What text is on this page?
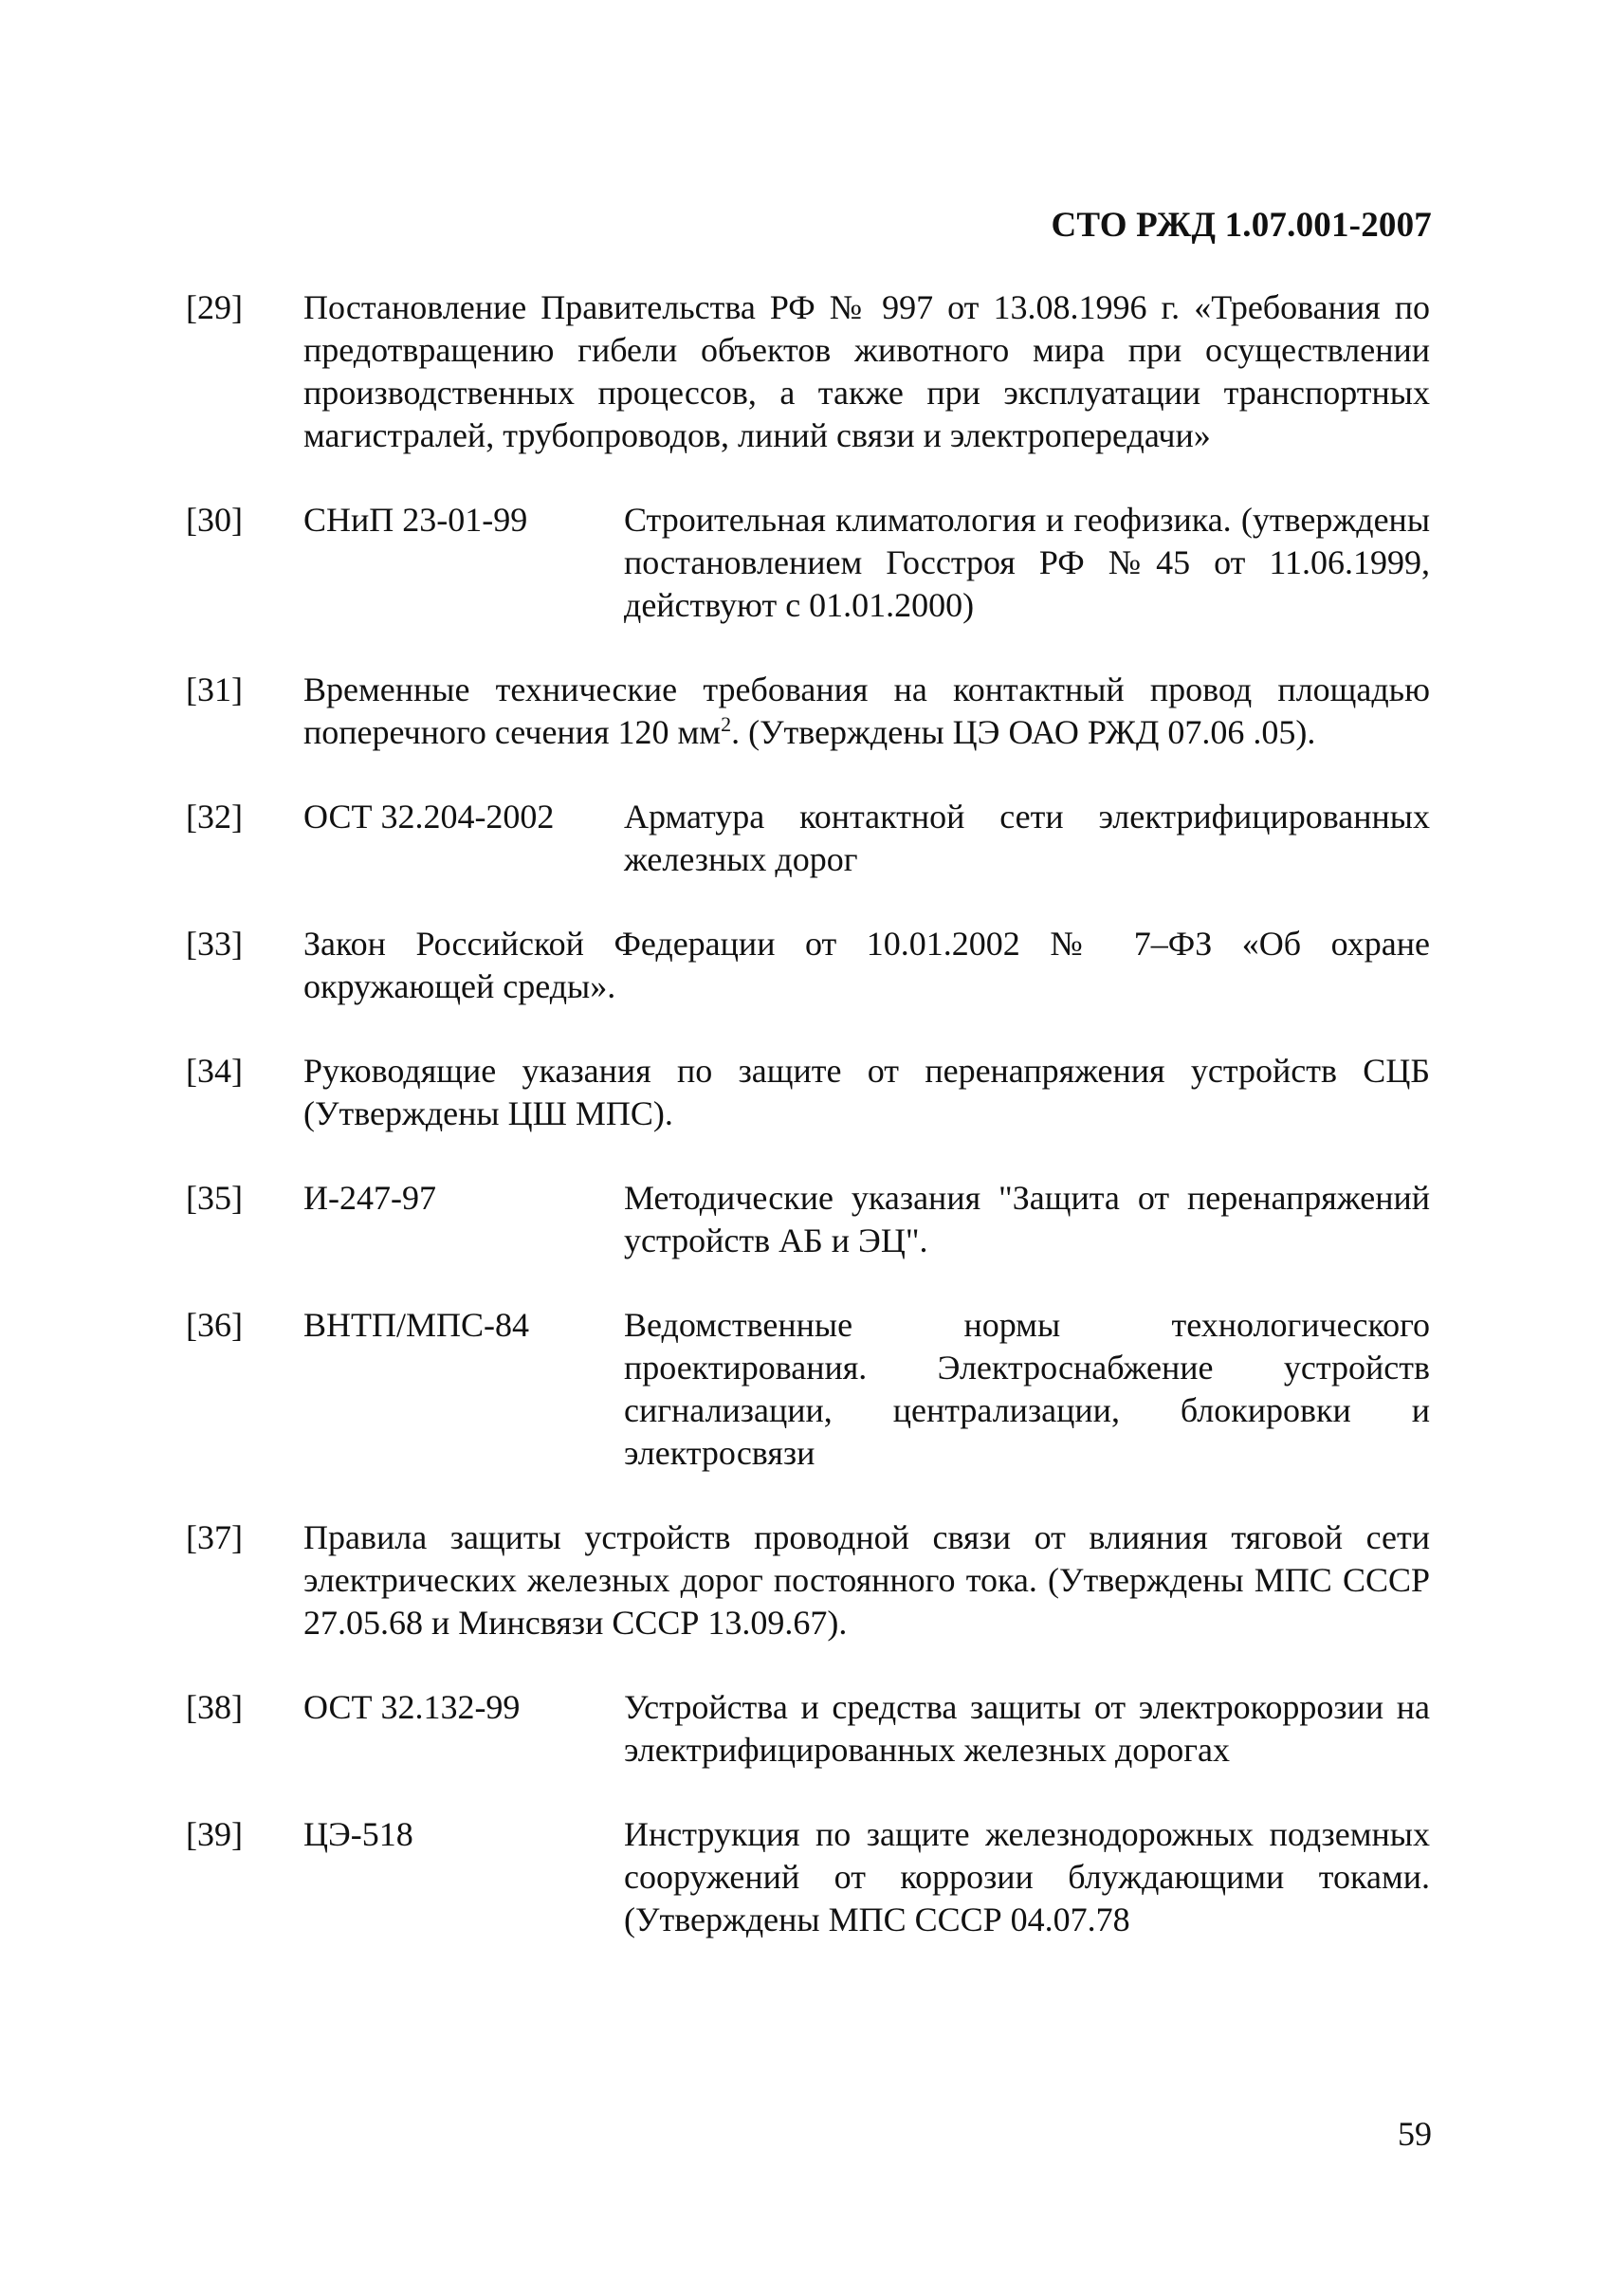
СТО РЖД 1.07.001-2007
[29]	Постановление Правительства РФ № 997 от 13.08.1996 г. «Требования по предотвращению гибели объектов животного мира при осуществлении производственных процессов, а также при эксплуатации транспортных магистралей, трубопроводов, линий связи и электропередачи»
[30]	СНиП 23-01-99	Строительная климатология и геофизика. (утверждены постановлением Госстроя РФ №45 от 11.06.1999, действуют с 01.01.2000)
[31]	Временные технические требования на контактный провод площадью поперечного сечения 120 $мм^2$. (Утверждены ЦЭ ОАО РЖД 07.06 .05).
[32]	ОСТ 32.204-2002	Арматура контактной сети электрифицированных железных дорог
[33]	Закон Российской Федерации от 10.01.2002 № 7–ФЗ «Об охране окружающей среды».
[34]	Руководящие указания по защите от перенапряжения устройств СЦБ (Утверждены ЦШ МПС).
[35]	И-247-97	Методические указания "Защита от перенапряжений устройств АБ и ЭЦ".
[36]	ВНТП/МПС-84	Ведомственные нормы технологического проектирования. Электроснабжение устройств сигнализации, централизации, блокировки и электросвязи
[37]	Правила защиты устройств проводной связи от влияния тяговой сети электрических железных дорог постоянного тока. (Утверждены МПС СССР 27.05.68 и Минсвязи СССР 13.09.67).
[38]	ОСТ 32.132-99	Устройства и средства защиты от электрокоррозии на электрифицированных железных дорогах
[39]	ЦЭ-518	Инструкция по защите железнодорожных подземных сооружений от коррозии блуждающими токами. (Утверждены МПС СССР 04.07.78
59
